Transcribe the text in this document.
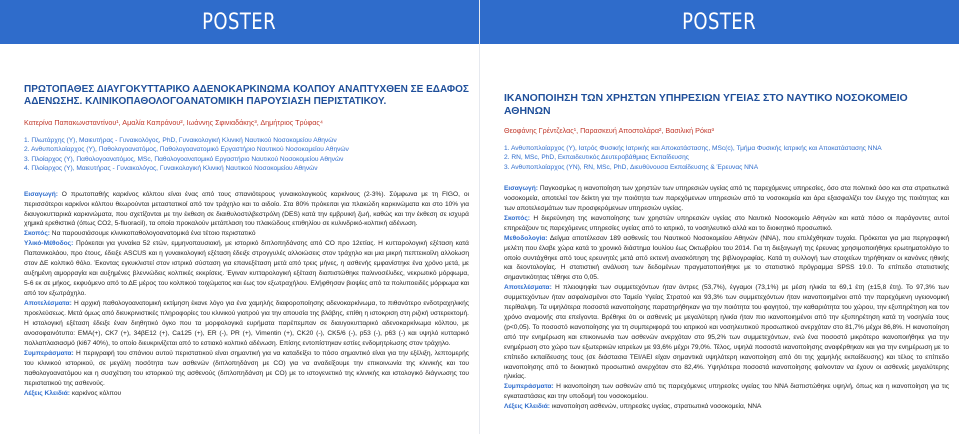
POSTER
ΠΡΩΤΟΠΑΘΕΣ ΔΙΑΥΓΟΚΥΤΤΑΡΙΚΟ ΑΔΕΝΟΚΑΡΚΙΝΩΜΑ ΚΟΛΠΟΥ ΑΝΑΠΤΥΧΘΕΝ ΣΕ ΕΔΑΦΟΣ ΑΔΕΝΩΣΗΣ. ΚΛΙΝΙΚΟΠΑΘΟΛΟΓΟΑΝΑΤΟΜΙΚΗ ΠΑΡΟΥΣΙΑΣΗ ΠΕΡΙΣΤΑΤΙΚΟΥ.
Κατερίνα Παπακωνσταντίνου¹, Αμαλία Καπράνου², Ιωάννης Σφινιαδάκης³, Δημήτριος Τρύφας⁴
1. Πλωτάρχης (Υ), Μαιευτήρας - Γυναικολόγος, PhD, Γυναικολογική Κλινική Ναυτικού Νοσοκομείου Αθηνών
2. Ανθυποπλοίαρχος (Υ), Παθολογοανατόμος, Παθολογοανατομικό Εργαστήριο Ναυτικού Νοσοκομείου Αθηνών
3. Πλοίαρχος (Υ), Παθολογοανατόμος, MSc, Παθολογοανατομικό Εργαστήριο Ναυτικού Νοσοκομείου Αθηνών
4. Πλοίαρχος (Υ), Μαιευτήρας - Γυναικολόγος, Γυναικολογική Κλινική Ναυτικού Νοσοκομείου Αθηνών

Εισαγωγή: Ο πρωτοπαθής καρκίνος κόλπου είναι ένας από τους σπανιότερους γυναικολογικούς καρκίνους (2-3%). Σύμφωνα με τη FIGO, οι περισσότεροι καρκίνοι κόλπου θεωρούνται μεταστατικοί από τον τράχηλο και το αιδοίο. Στα 80% πρόκειται για πλακώδη καρκινώματα και στο 10% για διαυγοκυτταρικά καρκινώματα, που σχετίζονται με την έκθεση σε διαιθυλοστιλβεστρόλη (DES) κατά την εμβρυική ζωή, καθώς και την έκθεση σε ισχυρά χημικά ερεθιστικά (όπως CO2, 5-fluoracil), τα οποία προκαλούν μετάπλαση του πλακώδους επιθηλίου σε κυλινδρικό-κολπική αδένωση.

Σκοπός: Να παρουσιάσουμε κλινικοπαθολογοανατομικά ένα τέτοιο περιστατικό

Υλικό-Μέθοδος: Πρόκειται για γυναίκα 52 ετών, εμμηνοπαυσιακή, με ιστορικό διπλοπηδάνσης από CO προ 12ετίας. Η κυτταρολογική εξέταση κατά Παπανικολάου, προ έτους, έδειξε ASCUS και η γυναικολογική εξέταση έδειξε στρογγυλές αλλοιώσεις στον τράχηλο και μια μικρή πεπτεικοίλη αλλοίωση στον ΔΕ κολπικό θόλο. Έκοντας εγκυκλιστεί στον ιστρικό σύσταση για επανεξέταση μετά από τρεις μήνες, η ασθενής εμφανίστηκε ένα χρόνο μετά, με αυξημένη αιμορραγία και αυξημένες βλεννώδεις κολπικές εκκρίσεις. Έγιναν κυτταρολογική εξέταση διαπιστώθηκε παλινοσέλιδες, νεκρωτικό μόρφωμα, 5-6 εκ σε μήκος, εκφυόμενο από το ΔΕ μέρος του κολπικού τοιχώματος και έως τον εξωτραχήλου. Ελήφθησαν βιοψίες από τα πολυποειδές μόρφωμα και από τον εξωτράχηλο.

Αποτελέσματα: Η αρχική παθολογοανατομική εκτίμηση έκανε λόγο για ένα χαμηλής διαφοροποίησης αδενοκαρκίνωμα, το πιθανότερο ενδοτραχηλικής προελεύσεως. Μετά όμως από διευκρινιστικές πληροφορίες του κλινικού γιατρού για την απουσία της βλάβης, επίθη η ιστοκριση στη ριζική υστερεκτομή. Η ιστολογική εξέταση έδειξε έναν διηθητικό όγκο που τα μορφολογικά ευρήματα παρέπεμπαν σε διαυγοκυτταρικό αδενοκαρκίνωμα κόλπου, με ανοσοφαινότυπο: EMA(+), CK7 (+), 34βE12 (+), Ca125 (+), ER (-), PR (+), Vimentin (+), CK20 (-), CK5/6 (-), p53 (-), p63 (-) και υψηλό κυτταρικό πολλαπλασιασμό (ki67 40%), το οποίο διευκρινίζεται από το εστιακό κολπικό αδένωση. Επίσης εντοπίστηκαν εστίες ενδομητρίωσης στον τράχηλο.

Συμπεράσματα: Η περιγραφή του σπάνιου αυτού περιστατικού είναι σημαντική για να καταδείξει το πόσο σημαντικό είναι για την εξέλιξη, λεπτομερής του κλινικού ιστορικού, σε μεγάλη ποσότητα των ασθενών (διπλοπηδάνση με CO) για να αναδείξουμε την επικοινωνία της κλινικής και του παθολογοανατόμου και η συσχέτιση του ιστορικού της ασθενούς (διπλοπηδάνση με CO) με το ιστογενετικό της κλινικής και ιστολογικό διάγνωσης του περιστατικού της ασθενούς.

Λέξεις Κλειδιά: καρκίνος κόλπου

POSTER
ΙΚΑΝΟΠΟΙΗΣΗ ΤΩΝ ΧΡΗΣΤΩΝ ΥΠΗΡΕΣΙΩΝ ΥΓΕΙΑΣ ΣΤΟ ΝΑΥΤΙΚΟ ΝΟΣΟΚΟΜΕΙΟ ΑΘΗΝΩΝ
Θεοφάνης Γρέντζελας¹, Παρασκευή Αποστολάρα², Βασιλική Ρόκα³
1. Ανθυποπλοίαρχος (Υ), Ιατρός Φυσικής Ιατρικής και Αποκατάστασης, MSc(c), Τμήμα Φυσικής Ιατρικής και Αποκατάστασης ΝΝΑ
2. RN, MSc, PhD, Εκπαιδευτικός Δευτεροβάθμιας Εκπαίδευσης
3. Ανθυποπλοίαρχος (ΥΝ), RN, MSc, PhD, Διευθύνουσα Εκπαίδευσης & Έρευνας ΝΝΑ

Εισαγωγή: Παγκοσμίως η ικανοποίηση των χρηστών των υπηρεσιών υγείας από τις παρεχόμενες υπηρεσίες, όσο στα πολιτικά όσο και στα στρατιωτικά νοσοκομεία, αποτελεί τον δείκτη για την ποιότητα των παρεχόμενων υπηρεσιών από τα νοσοκομεία και άρα εξασφαλίζει τον έλεγχο της ποιότητας και των αποτελεσμάτων των προσφερόμενων υπηρεσιών υγείας.

Σκοπός: Η διερεύνηση της ικανοποίησης των χρηστών υπηρεσιών υγείας στο Ναυτικό Νοσοκομείο Αθηνών και κατά πόσο οι παράγοντες αυτοί επηρεάζουν τις παρεχόμενες υπηρεσίες υγείας από το ιατρικό, το νοσηλευτικό αλλά και το διοικητικό προσωπικό.

Μεθοδολογία: Δείγμα αποτέλεσαν 189 ασθενείς του Ναυτικού Νοσοκομείου Αθηνών (ΝΝΑ), που επιλέχθηκαν τυχαία. Πρόκειται για μια περιγραφική μελέτη που έλαβε χώρα κατά το χρονικό διάστημα Ιουλίου έως Οκτωβρίου του 2014. Για τη διεξαγωγή της έρευνας χρησιμοποιήθηκε ερωτηματολόγιο το οποίο συντάχθηκε από τους ερευνητές μετά από εκτενή ανασκόπηση της βιβλιογραφίας. Κατά τη συλλογή των στοιχείων τηρήθηκαν οι κανόνες ηθικής και δεοντολογίας. Η στατιστική ανάλυση των δεδομένων πραγματοποιήθηκε με το στατιστικό πρόγραμμα SPSS 19.0. Το επίπεδο στατιστικής σημαντικότητας τέθηκε στο 0,05.

Αποτελέσματα: Η πλειοψηφία των συμμετεχόντων ήταν άντρες (53,7%), έγγαμοι (73,1%) με μέση ηλικία τα 69,1 έτη (±15,8 έτη). Το 97,3% των συμμετεχόντων ήταν ασφαλισμένοι στο Ταμείο Υγείας Στρατού και 93,3% των συμμετεχόντων ήταν ικανοποιημένοι από την παρεχόμενη υγειονομική περίθαλψη. Τα υψηλότερα ποσοστά ικανοποίησης παρατηρήθηκαν για την ποιότητα του φαγητού, την καθαριότητα του χώρου, την εξυπηρέτηση και τον χρόνο αναμονής στα επείγοντα. Βρέθηκε ότι οι ασθενείς με μεγαλύτερη ηλικία ήταν πιο ικανοποιημένοι από την εξυπηρέτηση κατά τη νοσηλεία τους (p<0,05). Το ποσοστό ικανοποίησης για τη συμπεριφορά του ιατρικού και νοσηλευτικού προσωπικού ανερχόταν στο 81,7% μέχρι 86,8%. Η ικανοποίηση από την ενημέρωση και επικοινωνία των ασθενών ανερχόταν στο 95,2% των συμμετεχόντων, ενώ ένα ποσοστό μικρότερο ικανοποιήθηκε για την ενημέρωση στο χώρο των εξωτερικών ιατρείων με 93,6% μέχρι 79,0%. Τέλος, υψηλά ποσοστά ικανοποίησης αναφέρθηκαν και για την ενημέρωση με το επίπεδο εκπαίδευσης τους (σε διάστασια ΤΕΙ/ΑΕΙ είχαν σημαντικά υψηλότερη ικανοποίηση από ότι της χαμηλής εκπαίδευσης) και τέλος το επίπεδο ικανοποίησης από το διοικητικό προσωπικό ανερχόταν στο 82,4%. Υψηλότερα ποσοστά ικανοποίησης φαίνονταν να έχουν οι ασθενείς μεγαλύτερης ηλικίας.

Συμπεράσματα: Η ικανοποίηση των ασθενών από τις παρεχόμενες υπηρεσίες υγείας του ΝΝΑ διαπιστώθηκε υψηλή, όπως και η ικανοποίηση για τις εγκαταστάσεις και την υποδομή του νοσοκομείου.

Λέξεις Κλειδιά: ικανοποίηση ασθενών, υπηρεσίες υγείας, στρατιωτικά νοσοκομεία, ΝΝΑ
